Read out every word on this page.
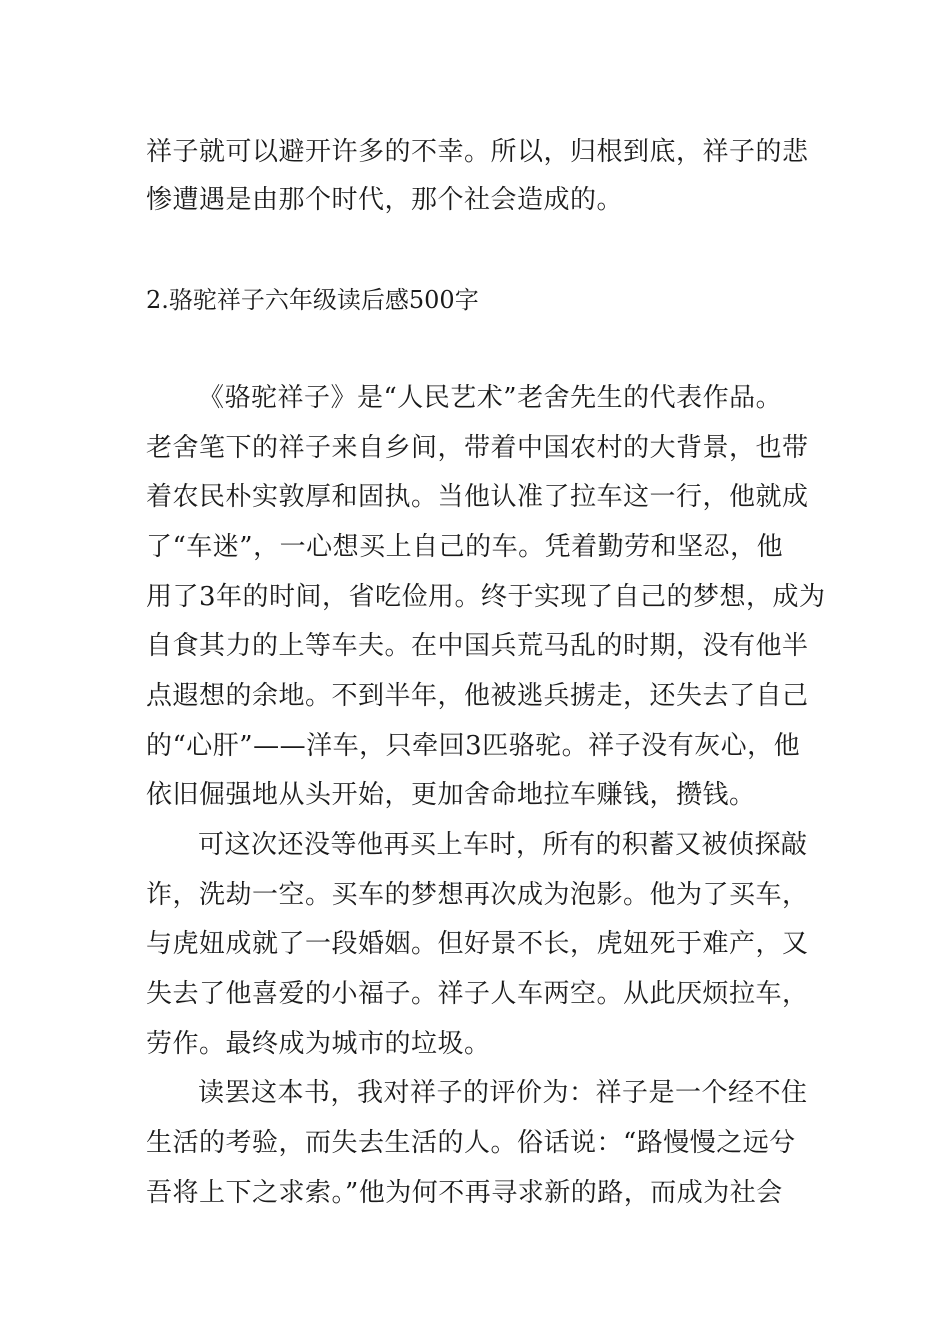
祥子就可以避开许多的不幸。所以，归根到底，祥子的悲
惨遭遇是由那个时代，那个社会造成的。
2.骆驼祥子六年级读后感500字
《骆驼祥子》是“人民艺术”老舍先生的代表作品。
老舍笔下的祥子来自乡间，带着中国农村的大背景，也带
着农民朴实敦厚和固执。当他认准了拉车这一行，他就成
了“车迷”，一心想买上自己的车。凭着勤劳和坚忍，他
用了3年的时间，省吃俭用。终于实现了自己的梦想，成为
自食其力的上等车夫。在中国兵荒马乱的时期，没有他半
点遐想的余地。不到半年，他被逃兵掳走，还失去了自己
的“心肝”——洋车，只牵回3匹骆驼。祥子没有灰心，他
依旧倔强地从头开始，更加舍命地拉车赚钱，攒钱。
可这次还没等他再买上车时，所有的积蓄又被侦探敲
诈，洗劫一空。买车的梦想再次成为泡影。他为了买车，
与虎妞成就了一段婚姻。但好景不长，虎妞死于难产，又
失去了他喜爱的小福子。祥子人车两空。从此厌烦拉车，
劳作。最终成为城市的垃圾。
读罢这本书，我对祥子的评价为：祥子是一个经不住
生活的考验，而失去生活的人。俗话说：“路慢慢之远兮
吾将上下之求索。”他为何不再寻求新的路，而成为社会
